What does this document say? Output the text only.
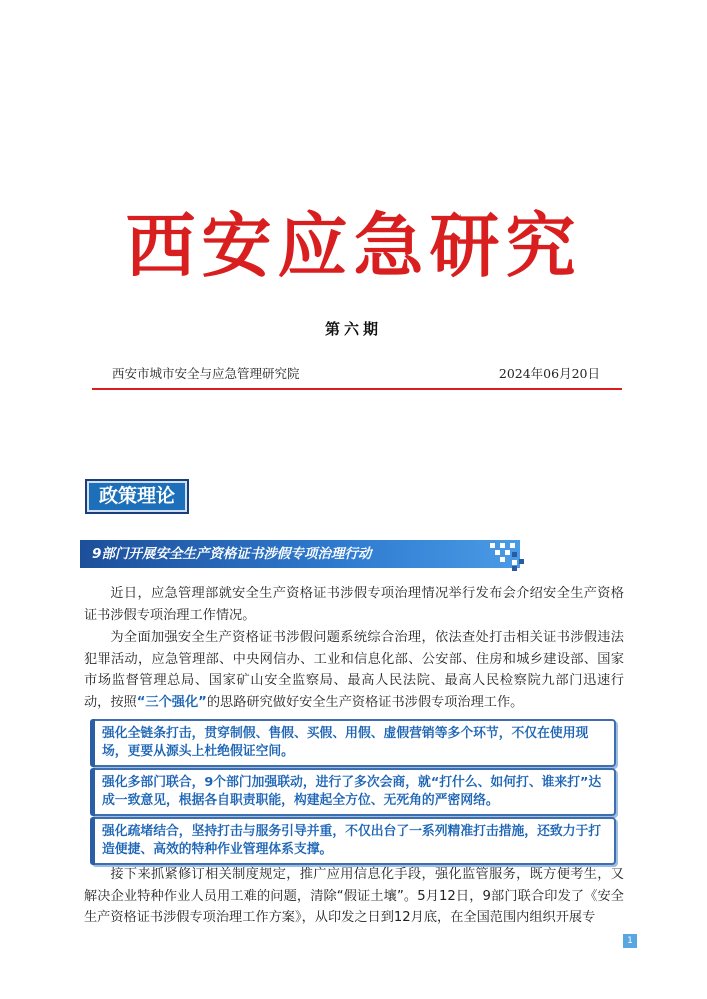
西安应急研究
第六期
西安市城市安全与应急管理研究院	2024年06月20日
政策理论
9部门开展安全生产资格证书涉假专项治理行动
近日，应急管理部就安全生产资格证书涉假专项治理情况举行发布会介绍安全生产资格证书涉假专项治理工作情况。
为全面加强安全生产资格证书涉假问题系统综合治理，依法查处打击相关证书涉假违法犯罪活动，应急管理部、中央网信办、工业和信息化部、公安部、住房和城乡建设部、国家市场监督管理总局、国家矿山安全监察局、最高人民法院、最高人民检察院九部门迅速行动，按照“三个强化”的思路研究做好安全生产资格证书涉假专项治理工作。
强化全链条打击，贯穿制假、售假、买假、用假、虚假营销等多个环节，不仅在使用现场，更要从源头上杜绝假证空间。
强化多部门联合，9个部门加强联动，进行了多次会商，就“打什么、如何打、谁来打”达成一致意见，根据各自职责职能，构建起全方位、无死角的严密网络。
强化疏堵结合，坚持打击与服务引导并重，不仅出台了一系列精准打击措施，还致力于打造便捷、高效的特种作业管理体系支撑。
接下来抓紧修订相关制度规定，推广应用信息化手段，强化监管服务，既方便考生，又解决企业特种作业人员用工难的问题，清除“假证土壤”。5月12日，9部门联合印发了《安全生产资格证书涉假专项治理工作方案》，从印发之日到12月底，在全国范围内组织开展专
1
